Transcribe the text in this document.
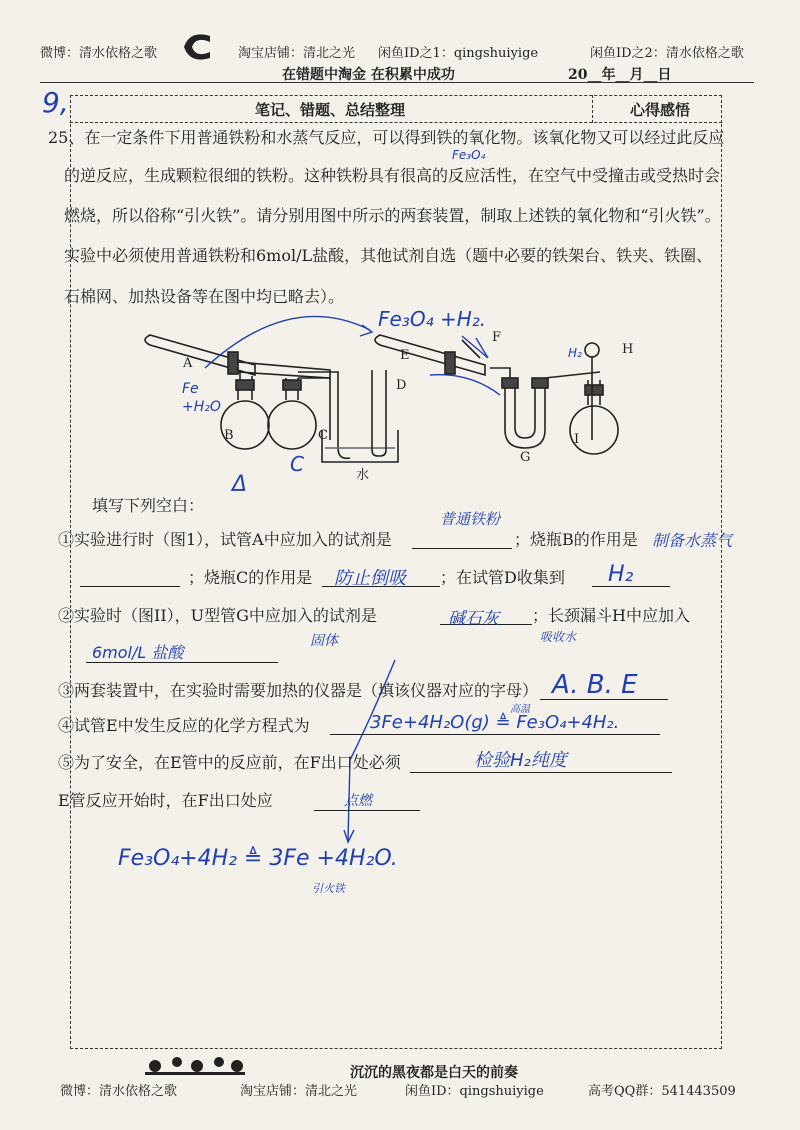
微博：清水依格之歌	淘宝店铺：清北之光 闲鱼ID之1：qingshuiyige	闲鱼ID之2：清水依格之歌
在错题中淘金 在积累中成功	20__年__月__日
笔记、错题、总结整理	心得感悟
9,
25、在一定条件下用普通铁粉和水蒸气反应，可以得到铁的氧化物。该氧化物又可以经过此反应
的逆反应，生成颗粒很细的铁粉。这种铁粉具有很高的反应活性，在空气中受撞击或受热时会
燃烧，所以俗称“引火铁”。请分别用图中所示的两套装置，制取上述铁的氧化物和“引火铁”。
实验中必须使用普通铁粉和6mol/L盐酸，其他试剂自选（题中必要的铁架台、铁夹、铁圈、
石棉网、加热设备等在图中均已略去）。
Fe₃O₄
Fe₃O₄ +H₂.
A
B	C
D
水
E
F
G
H
I
Fe
+H₂O
H₂
C
Δ
填写下列空白：
①实验进行时（图1），试管A中应加入的试剂是
普通铁粉
；烧瓶B的作用是 制备水蒸气
；烧瓶C的作用是 防止倒吸 ；在试管D收集到 H₂
②实验时（图II），U型管G中应加入的试剂是	碱石灰
吸收水
；长颈漏斗H中应加入
6mol/L 盐酸
固体
③两套装置中，在实验时需要加热的仪器是（填该仪器对应的字母） A. B. E
④试管E中发生反应的化学方程式为	3Fe+4H₂O(g) ≜ Fe₃O₄+4H₂.
高温
⑤为了安全，在E管中的反应前，在F出口处必须	检验H₂纯度
E管反应开始时，在F出口处应	点燃
Fe₃O₄+4H₂ ≜ 3Fe +4H₂O.
引火铁
沉沉的黑夜都是白天的前奏
微博：清水依格之歌	淘宝店铺：清北之光	闲鱼ID：qingshuiyige	高考QQ群：541443509
